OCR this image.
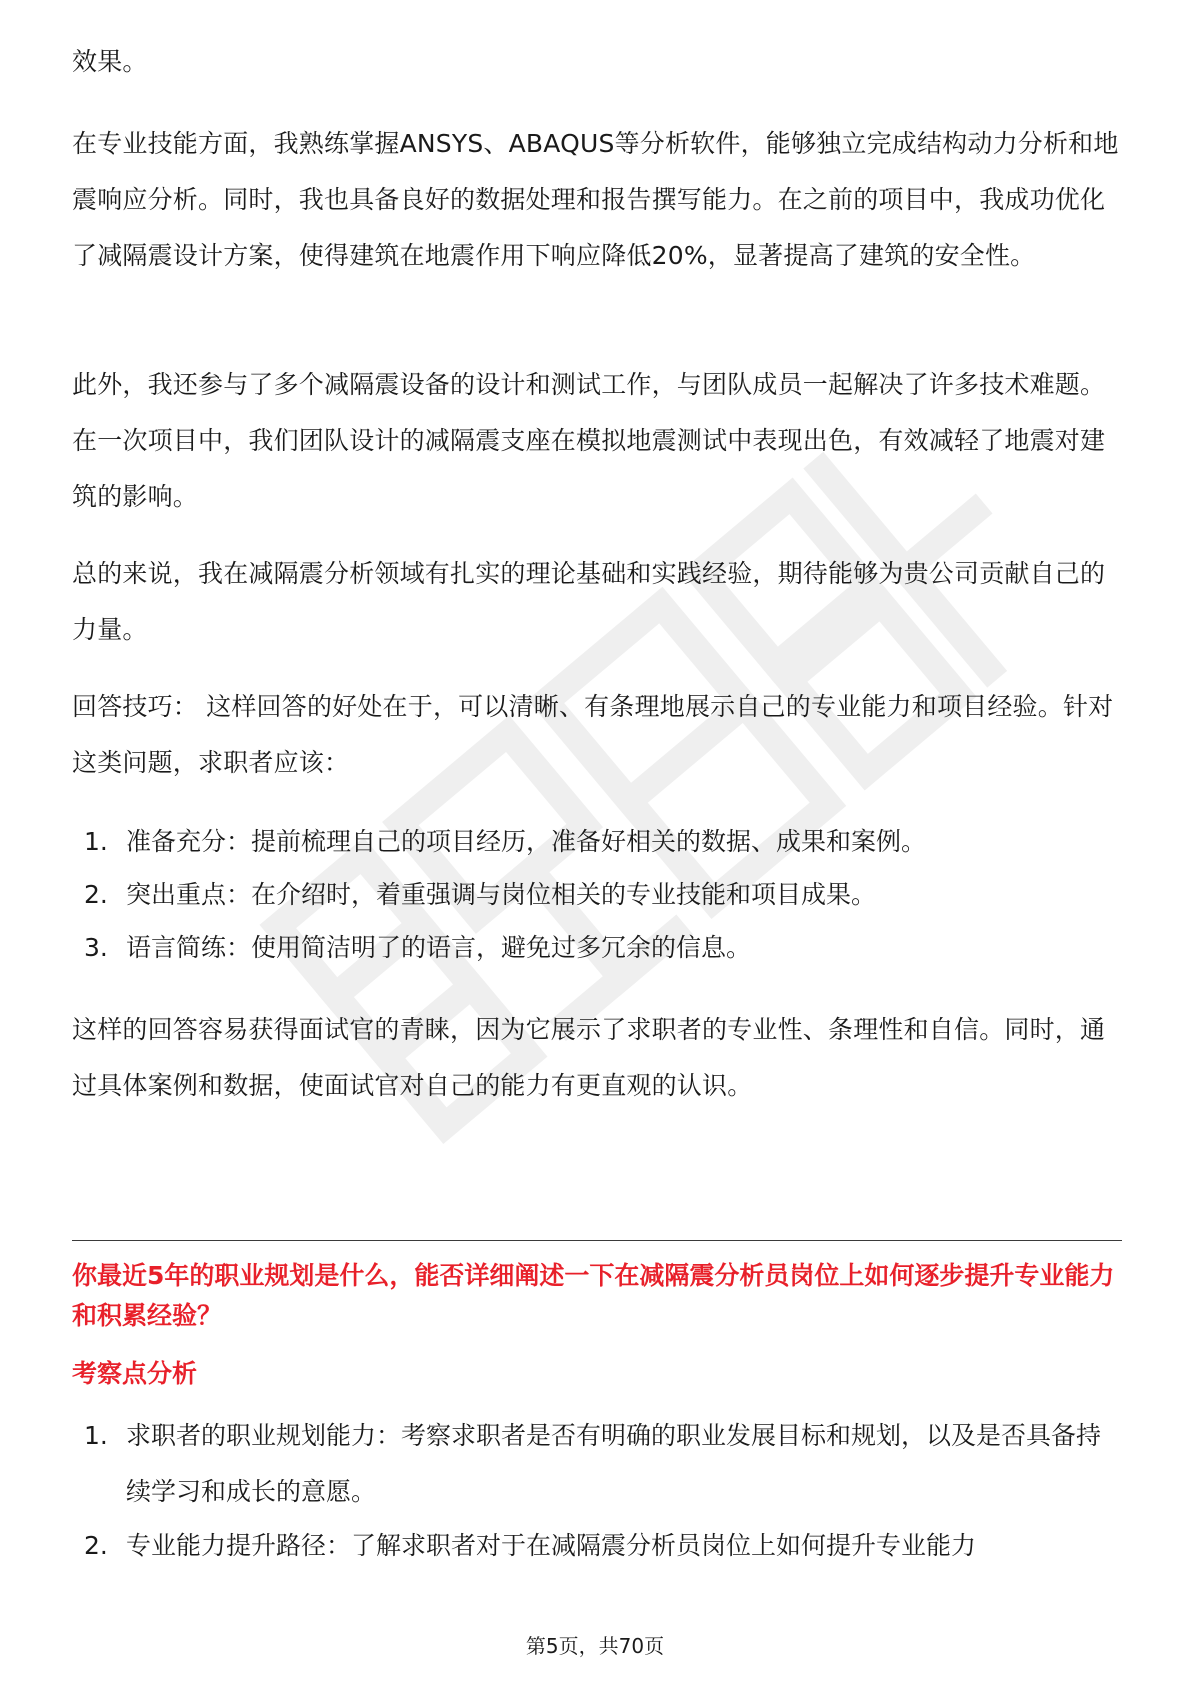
效果。

在专业技能方面，我熟练掌握ANSYS、ABAQUS等分析软件，能够独立完成结构动力分析和地震响应分析。同时，我也具备良好的数据处理和报告撰写能力。在之前的项目中，我成功优化了减隔震设计方案，使得建筑在地震作用下响应降低20%，显著提高了建筑的安全性。

此外，我还参与了多个减隔震设备的设计和测试工作，与团队成员一起解决了许多技术难题。在一次项目中，我们团队设计的减隔震支座在模拟地震测试中表现出色，有效减轻了地震对建筑的影响。

总的来说，我在减隔震分析领域有扎实的理论基础和实践经验，期待能够为贵公司贡献自己的力量。

回答技巧： 这样回答的好处在于，可以清晰、有条理地展示自己的专业能力和项目经验。针对这类问题，求职者应该：

1. 准备充分：提前梳理自己的项目经历，准备好相关的数据、成果和案例。
2. 突出重点：在介绍时，着重强调与岗位相关的专业技能和项目成果。
3. 语言简练：使用简洁明了的语言，避免过多冗余的信息。

这样的回答容易获得面试官的青睐，因为它展示了求职者的专业性、条理性和自信。同时，通过具体案例和数据，使面试官对自己的能力有更直观的认识。

你最近5年的职业规划是什么，能否详细阐述一下在减隔震分析员岗位上如何逐步提升专业能力和积累经验？

考察点分析

1. 求职者的职业规划能力：考察求职者是否有明确的职业发展目标和规划，以及是否具备持续学习和成长的意愿。
2. 专业能力提升路径：了解求职者对于在减隔震分析员岗位上如何提升专业能力
第5页，共70页
